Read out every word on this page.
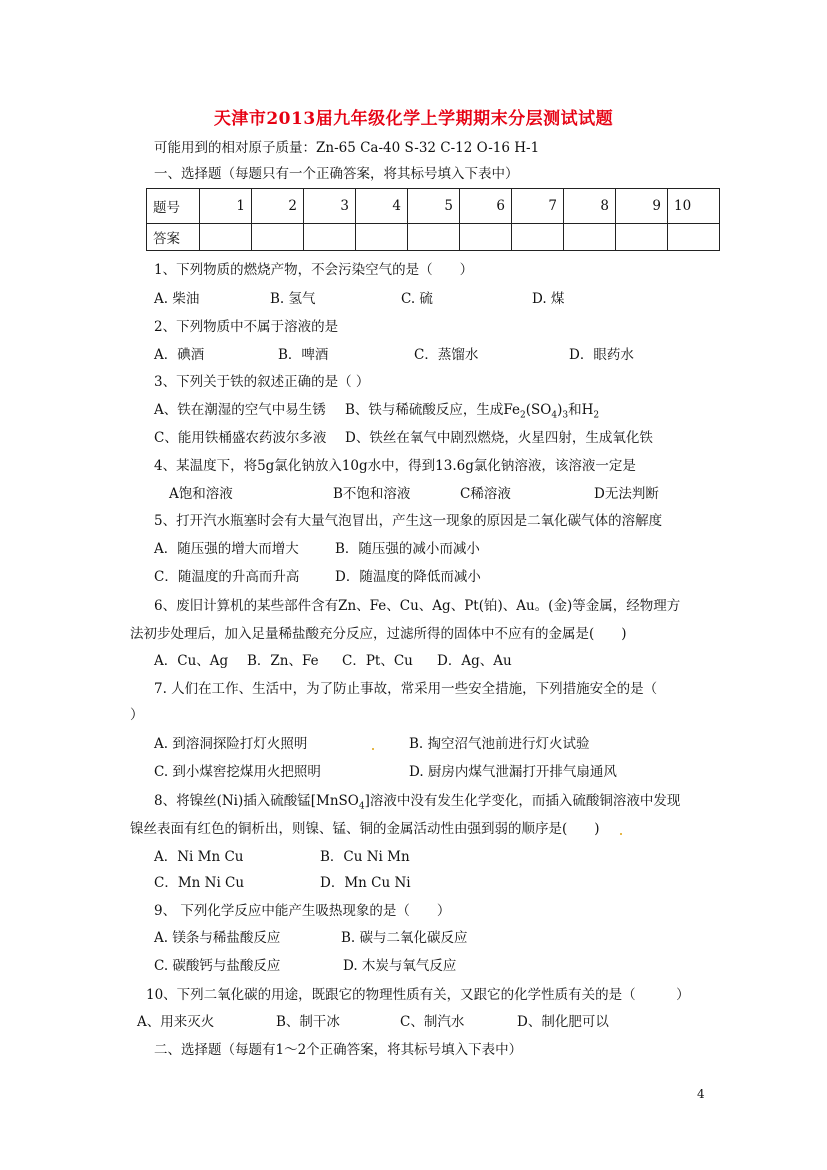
天津市2013届九年级化学上学期期末分层测试试题
可能用到的相对原子质量：Zn-65 Ca-40 S-32 C-12 O-16 H-1
一、选择题（每题只有一个正确答案，将其标号填入下表中）
题号	1	2	3	4	5	6	7	8	9	10
答案										
1、下列物质的燃烧产物，不会污染空气的是（　　）
A. 柴油	B. 氢气	C. 硫	D. 煤
2、下列物质中不属于溶液的是
A．碘酒	B．啤酒	C．蒸馏水	D．眼药水
3、下列关于铁的叙述正确的是（ ）
A、铁在潮湿的空气中易生锈 B、铁与稀硫酸反应，生成$Fe_2(SO_4)_3$和$H_2$
C、能用铁桶盛农药波尔多液 D、铁丝在氧气中剧烈燃烧，火星四射，生成氧化铁
4、某温度下，将5g氯化钠放入10g水中，得到13.6g氯化钠溶液，该溶液一定是
A饱和溶液	B不饱和溶液	C稀溶液	D无法判断
5、打开汽水瓶塞时会有大量气泡冒出，产生这一现象的原因是二氧化碳气体的溶解度
A．随压强的增大而增大	B．随压强的减小而减小
C．随温度的升高而升高	D．随温度的降低而减小
6、废旧计算机的某些部件含有Zn、Fe、Cu、Ag、Pt(铂)、Au。(金)等金属，经物理方
法初步处理后，加入足量稀盐酸充分反应，过滤所得的固体中不应有的金属是(　　)
A．Cu、Ag B．Zn、Fe C．Pt、Cu D．Ag、Au
7. 人们在工作、生活中，为了防止事故，常采用一些安全措施，下列措施安全的是（
）
A. 到溶洞探险打灯火照明	B. 掏空沼气池前进行灯火试验
C. 到小煤窖挖煤用火把照明	D. 厨房内煤气泄漏打开排气扇通风
8、将镍丝(Ni)插入硫酸锰[MnSO$_4$]溶液中没有发生化学变化，而插入硫酸铜溶液中发现
镍丝表面有红色的铜析出，则镍、锰、铜的金属活动性由强到弱的顺序是(　　)
A．Ni Mn Cu	B．Cu Ni Mn
C．Mn Ni Cu	D．Mn Cu Ni
9、 下列化学反应中能产生吸热现象的是（　　）
A. 镁条与稀盐酸反应	B. 碳与二氧化碳反应
C. 碳酸钙与盐酸反应	D. 木炭与氧气反应
10、下列二氧化碳的用途，既跟它的物理性质有关，又跟它的化学性质有关的是（　　　）
A、用来灭火	B、制干冰	C、制汽水	D、制化肥可以
二、选择题（每题有1～2个正确答案，将其标号填入下表中）
4
